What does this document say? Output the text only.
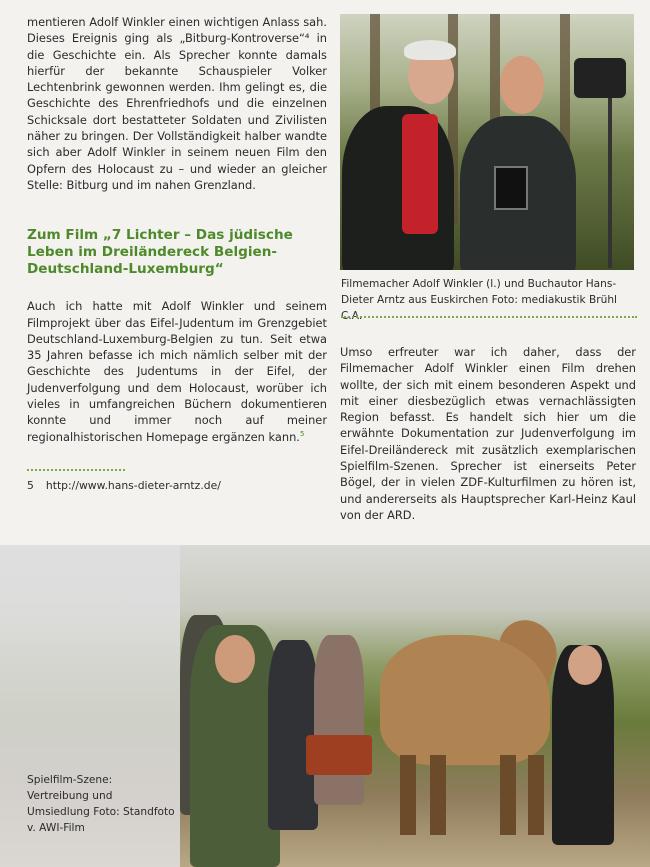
mentieren Adolf Winkler einen wichtigen Anlass sah. Dieses Ereignis ging als „Bitburg-Kontroverse“⁴ in die Geschichte ein. Als Sprecher konnte damals hierfür der bekannte Schauspieler Volker Lechtenbrink gewonnen werden. Ihm gelingt es, die Geschichte des Ehrenfriedhofs und die einzelnen Schicksale dort bestatteter Soldaten und Zivilisten näher zu bringen. Der Vollständigkeit halber wandte sich aber Adolf Winkler in seinem neuen Film den Opfern des Holocaust zu – und wieder an gleicher Stelle: Bitburg und im nahen Grenzland.

Zum Film „7 Lichter – Das jüdische Leben im Dreiländereck Belgien-Deutschland-Luxemburg“

Auch ich hatte mit Adolf Winkler und seinem Filmprojekt über das Eifel-Judentum im Grenzgebiet Deutschland-Luxemburg-Belgien zu tun. Seit etwa 35 Jahren befasse ich mich nämlich selber mit der Geschichte des Judentums in der Eifel, der Judenverfolgung und dem Holocaust, worüber ich vieles in umfangreichen Büchern dokumentieren konnte und immer noch auf meiner regionalhistorischen Homepage ergänzen kann.$^5$

5 http://www.hans-dieter-arntz.de/
Filmemacher Adolf Winkler (l.) und Buchautor Hans-Dieter Arntz aus Euskirchen Foto: mediakustik Brühl C.A.

Umso erfreuter war ich daher, dass der Filmemacher Adolf Winkler einen Film drehen wollte, der sich mit einem besonderen Aspekt und mit einer diesbezüglich etwas vernachlässigten Region befasst. Es handelt sich hier um die erwähnte Dokumentation zur Judenverfolgung im Eifel-Dreiländereck mit zusätzlich exemplarischen Spielfilm-Szenen. Sprecher ist einerseits Peter Bögel, der in vielen ZDF-Kulturfilmen zu hören ist, und andererseits als Hauptsprecher Karl-Heinz Kaul von der ARD.

Spielfilm-Szene: Vertreibung und Umsiedlung Foto: Standfoto v. AWI-Film
